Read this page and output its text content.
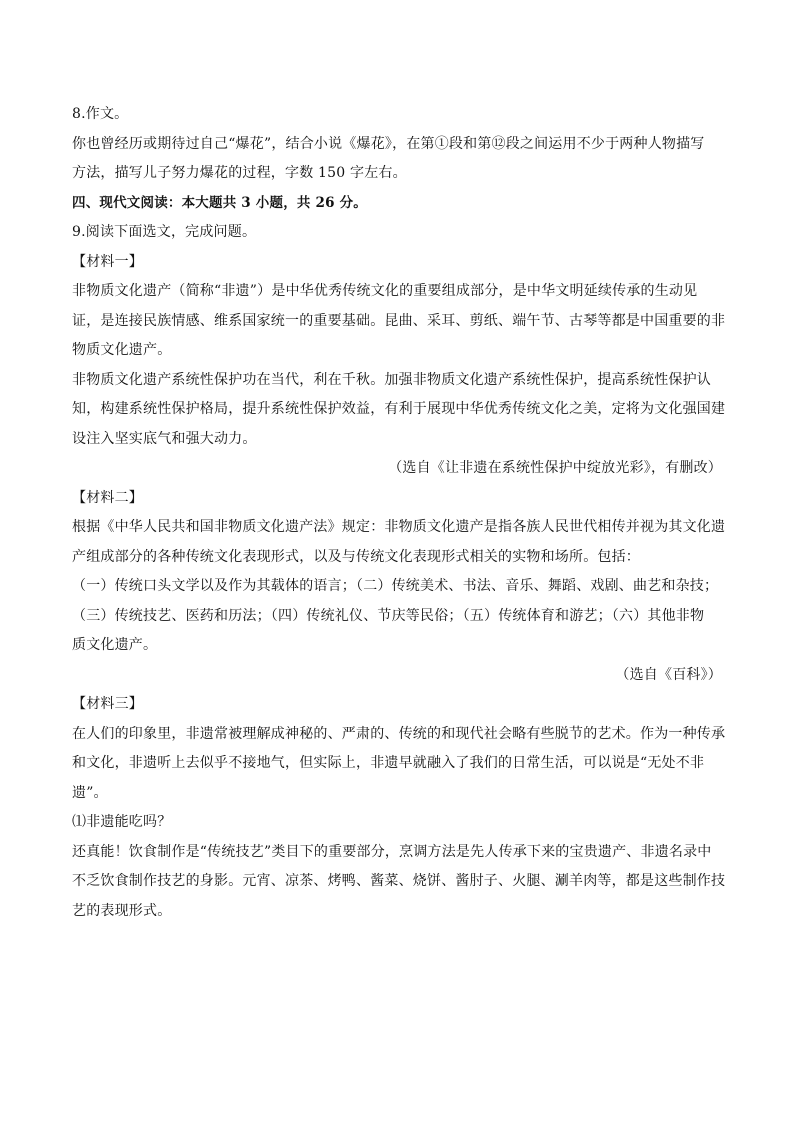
8.作文。
你也曾经历或期待过自己“爆花”，结合小说《爆花》，在第①段和第⑫段之间运用不少于两种人物描写
方法，描写儿子努力爆花的过程，字数 150 字左右。
四、现代文阅读：本大题共 3 小题，共 26 分。
9.阅读下面选文，完成问题。
【材料一】
非物质文化遗产（简称“非遗”）是中华优秀传统文化的重要组成部分，是中华文明延续传承的生动见
证，是连接民族情感、维系国家统一的重要基础。昆曲、采耳、剪纸、端午节、古琴等都是中国重要的非
物质文化遗产。
非物质文化遗产系统性保护功在当代，利在千秋。加强非物质文化遗产系统性保护，提高系统性保护认
知，构建系统性保护格局，提升系统性保护效益，有利于展现中华优秀传统文化之美，定将为文化强国建
设注入坚实底气和强大动力。
（选自《让非遗在系统性保护中绽放光彩》，有删改）
【材料二】
根据《中华人民共和国非物质文化遗产法》规定：非物质文化遗产是指各族人民世代相传并视为其文化遗
产组成部分的各种传统文化表现形式，以及与传统文化表现形式相关的实物和场所。包括：
（一）传统口头文学以及作为其载体的语言；（二）传统美术、书法、音乐、舞蹈、戏剧、曲艺和杂技；
（三）传统技艺、医药和历法；（四）传统礼仪、节庆等民俗；（五）传统体育和游艺；（六）其他非物
质文化遗产。
（选自《百科》）
【材料三】
在人们的印象里，非遗常被理解成神秘的、严肃的、传统的和现代社会略有些脱节的艺术。作为一种传承
和文化，非遗听上去似乎不接地气，但实际上，非遗早就融入了我们的日常生活，可以说是“无处不非
遗”。
⑴非遗能吃吗？
还真能！饮食制作是“传统技艺”类目下的重要部分，烹调方法是先人传承下来的宝贵遗产、非遗名录中
不乏饮食制作技艺的身影。元宵、凉茶、烤鸭、酱菜、烧饼、酱肘子、火腿、涮羊肉等，都是这些制作技
艺的表现形式。
